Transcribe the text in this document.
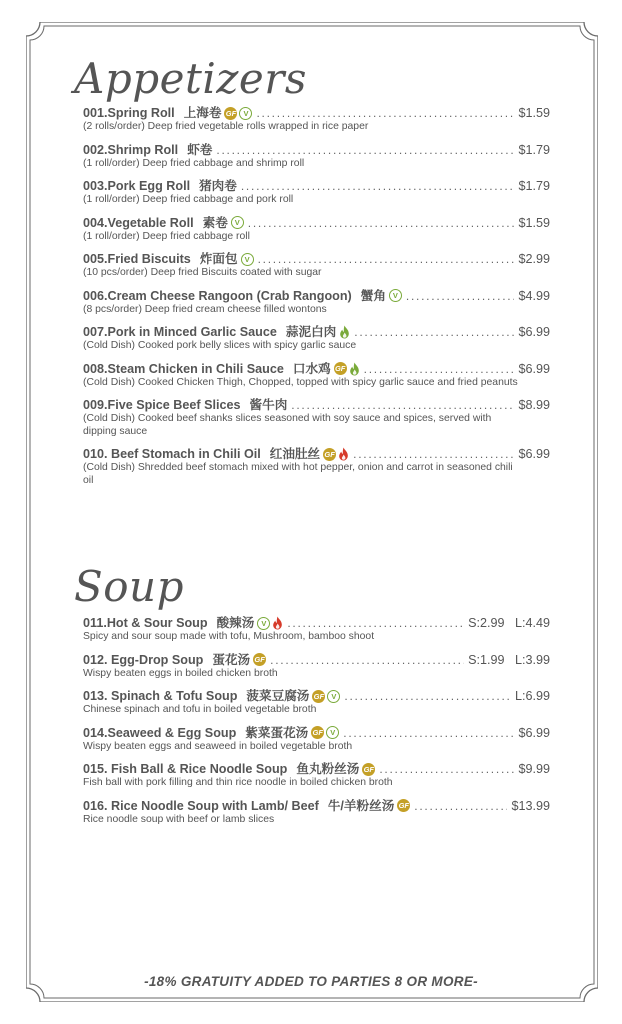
Appetizers
001.Spring Roll 上海卷 GF V . . .	$1.59
(2 rolls/order) Deep fried vegetable rolls wrapped in rice paper
002.Shrimp Roll 虾卷 . . .	$1.79
(1 roll/order) Deep fried cabbage and shrimp roll
003.Pork Egg Roll 猪肉卷 . . .	$1.79
(1 roll/order) Deep fried cabbage and pork roll
004.Vegetable Roll 素卷 V . . .	$1.59
(1 roll/order) Deep fried cabbage roll
005.Fried Biscuits 炸面包 V . . .	$2.99
(10 pcs/order) Deep fried Biscuits coated with sugar
006.Cream Cheese Rangoon (Crab Rangoon) 蟹角 V . . .	$4.99
(8 pcs/order) Deep fried cream cheese filled wontons
007.Pork in Minced Garlic Sauce 蒜泥白肉 . . .	$6.99
(Cold Dish) Cooked pork belly slices with spicy garlic sauce
008.Steam Chicken in Chili Sauce 口水鸡 GF . . .	$6.99
(Cold Dish) Cooked Chicken Thigh, Chopped, topped with spicy garlic sauce and fried peanuts
009.Five Spice Beef Slices 酱牛肉 . . .	$8.99
(Cold Dish) Cooked beef shanks slices seasoned with soy sauce and spices, served with dipping sauce
010. Beef Stomach in Chili Oil 红油肚丝 GF . . .	$6.99
(Cold Dish) Shredded beef stomach mixed with hot pepper, onion and carrot in seasoned chili oil
Soup
011.Hot & Sour Soup 酸辣汤 V . . .	S:2.99   L:4.49
Spicy and sour soup made with tofu, Mushroom, bamboo shoot
012. Egg-Drop Soup 蛋花汤 GF . . .	S:1.99   L:3.99
Wispy beaten eggs in boiled chicken broth
013. Spinach & Tofu Soup 菠菜豆腐汤 GF V . . .	L:6.99
Chinese spinach and tofu in boiled vegetable broth
014.Seaweed & Egg Soup 紫菜蛋花汤 GF V . . .	$6.99
Wispy beaten eggs and seaweed in boiled vegetable broth
015. Fish Ball & Rice Noodle Soup 鱼丸粉丝汤 GF . . .	$9.99
Fish ball with pork filling and thin rice noodle in boiled chicken broth
016. Rice Noodle Soup with Lamb/ Beef 牛/羊粉丝汤 GF . . .	$13.99
Rice noodle soup with beef or lamb slices
-18% GRATUITY ADDED TO PARTIES 8 OR MORE-
